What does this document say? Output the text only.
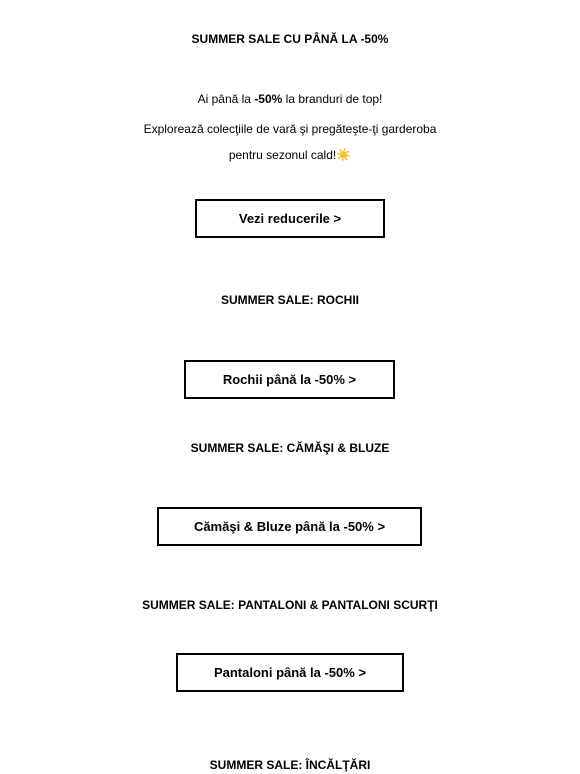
SUMMER SALE CU PÂNĂ LA -50%

Ai până la -50% la branduri de top!

Explorează colecţiile de vară şi pregăteşte-ţi garderoba

pentru sezonul cald!☀️

Vezi reducerile >
SUMMER SALE: ROCHII
Rochii până la -50% >
SUMMER SALE: CĂMĂŞI & BLUZE
Cămăşi & Bluze până la -50% >
SUMMER SALE: PANTALONI & PANTALONI SCURŢI
Pantaloni până la -50% >
SUMMER SALE: ÎNCĂLŢĂRI
